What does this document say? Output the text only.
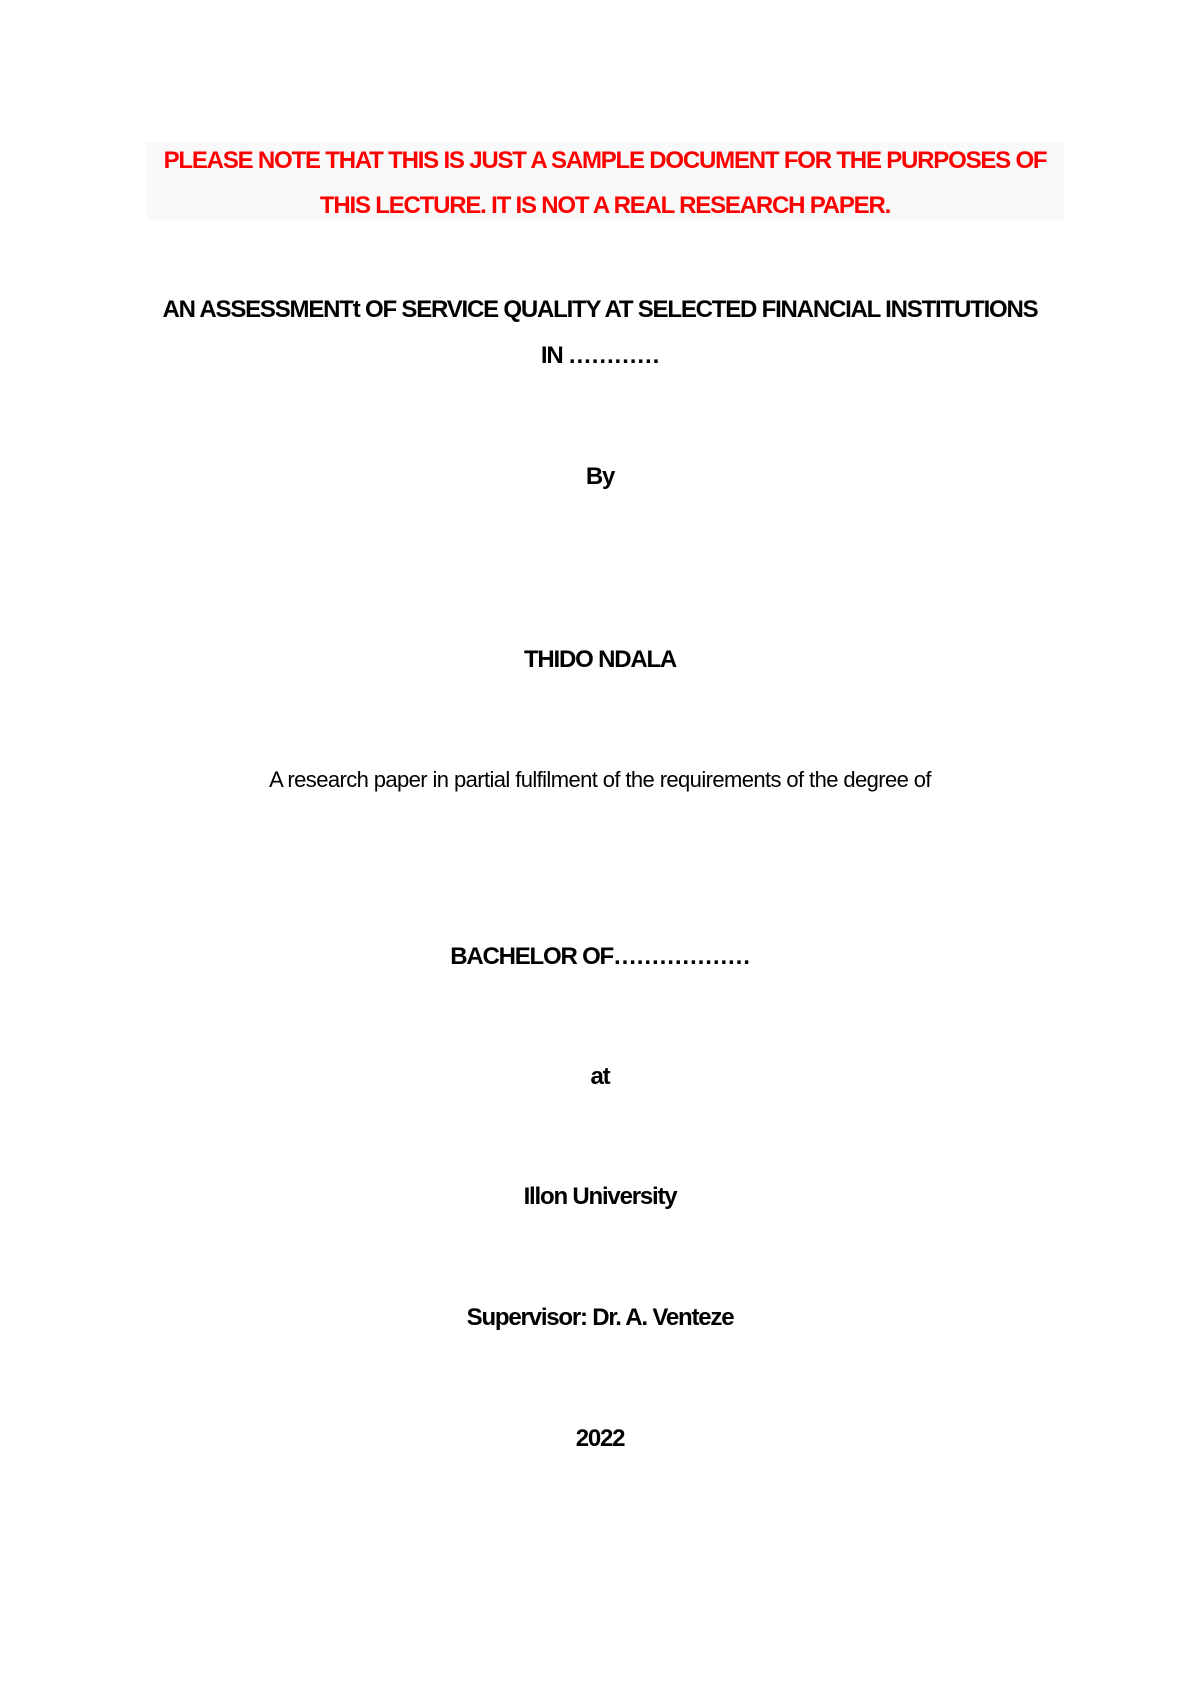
PLEASE NOTE THAT THIS IS JUST A SAMPLE DOCUMENT FOR THE PURPOSES OF

THIS LECTURE. IT IS NOT A REAL RESEARCH PAPER.

AN ASSESSMENTt OF SERVICE QUALITY AT SELECTED FINANCIAL INSTITUTIONS

IN …………

By

THIDO NDALA

A research paper in partial fulfilment of the requirements of the degree of

BACHELOR OF………………

at

Illon University

Supervisor: Dr. A. Venteze

2022
